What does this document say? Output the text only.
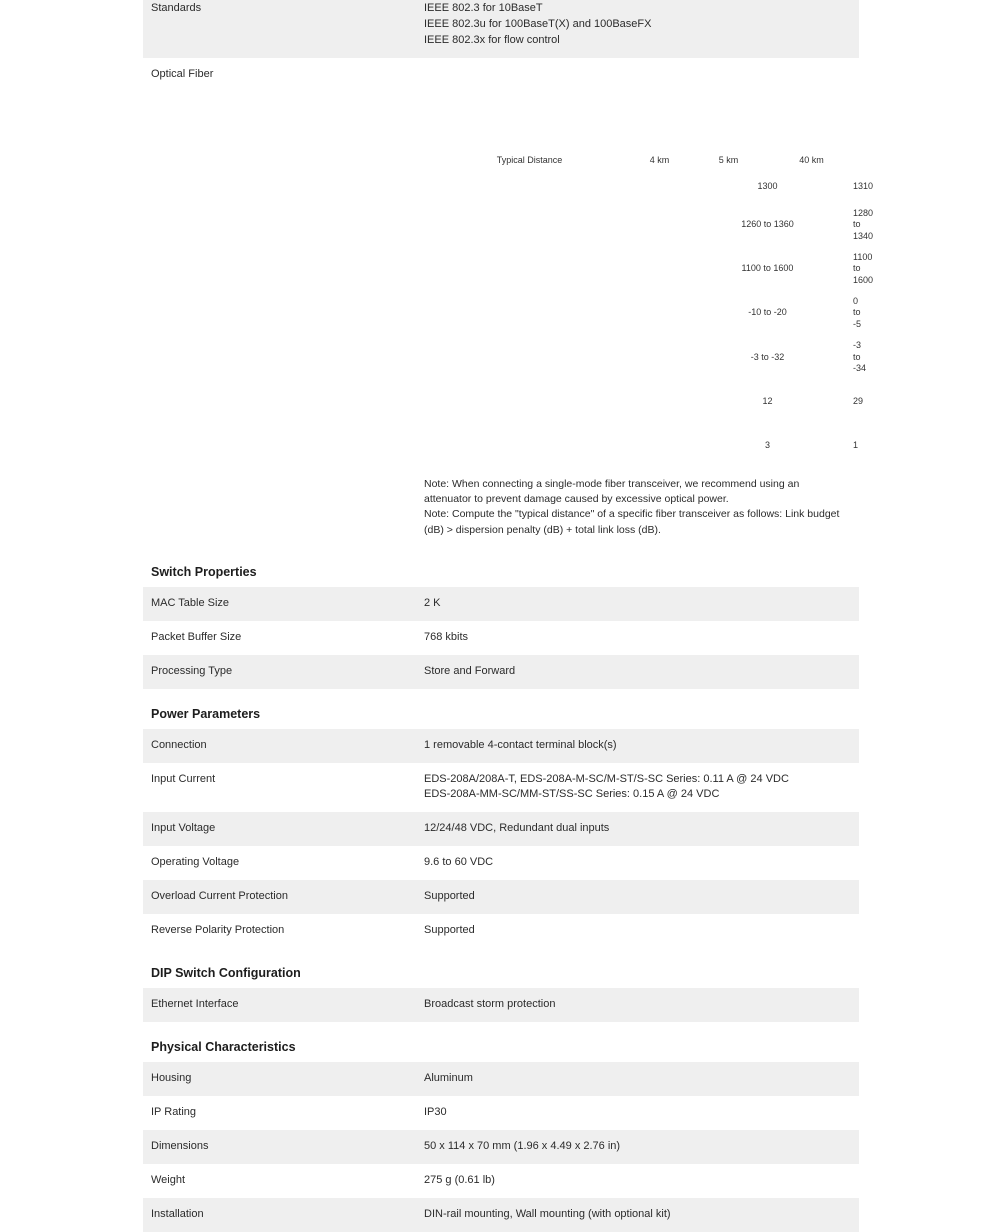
Standards	IEEE 802.3 for 10BaseT
IEEE 802.3u for 100BaseT(X) and 100BaseFX
IEEE 802.3x for flow control

Optical Fiber	
		100BaseFX
Multi-Mode	Single-Mode
Fiber Cable Type	OM1	50/125 µm	G.652
800 MHz x km
Typical Distance	4 km	5 km	40 km
Wavelength	Typical (nm)	1300	1310
TX Range (nm)	1260 to 1360	1280 to 1340
RX Range (nm)	1100 to 1600	1100 to 1600
Optical Power	TX Range (dBm)	-10 to -20	0 to -5
RX Range (dBm)	-3 to -32	-3 to -34
Link Budget (dB)	12	29
Dispersion Penalty (dB)	3	1
Note: When connecting a single-mode fiber transceiver, we recommend using an attenuator to prevent damage caused by excessive optical power.
Note: Compute the "typical distance" of a specific fiber transceiver as follows: Link budget (dB) > dispersion penalty (dB) + total link loss (dB).

Switch Properties
MAC Table Size	2 K
Packet Buffer Size	768 kbits
Processing Type	Store and Forward
Power Parameters
Connection	1 removable 4-contact terminal block(s)
Input Current	EDS-208A/208A-T, EDS-208A-M-SC/M-ST/S-SC Series: 0.11 A @ 24 VDC
EDS-208A-MM-SC/MM-ST/SS-SC Series: 0.15 A @ 24 VDC

Input Voltage	12/24/48 VDC, Redundant dual inputs
Operating Voltage	9.6 to 60 VDC
Overload Current Protection	Supported
Reverse Polarity Protection	Supported
DIP Switch Configuration
Ethernet Interface	Broadcast storm protection
Physical Characteristics
Housing	Aluminum
IP Rating	IP30
Dimensions	50 x 114 x 70 mm (1.96 x 4.49 x 2.76 in)
Weight	275 g (0.61 lb)
Installation	DIN-rail mounting, Wall mounting (with optional kit)
